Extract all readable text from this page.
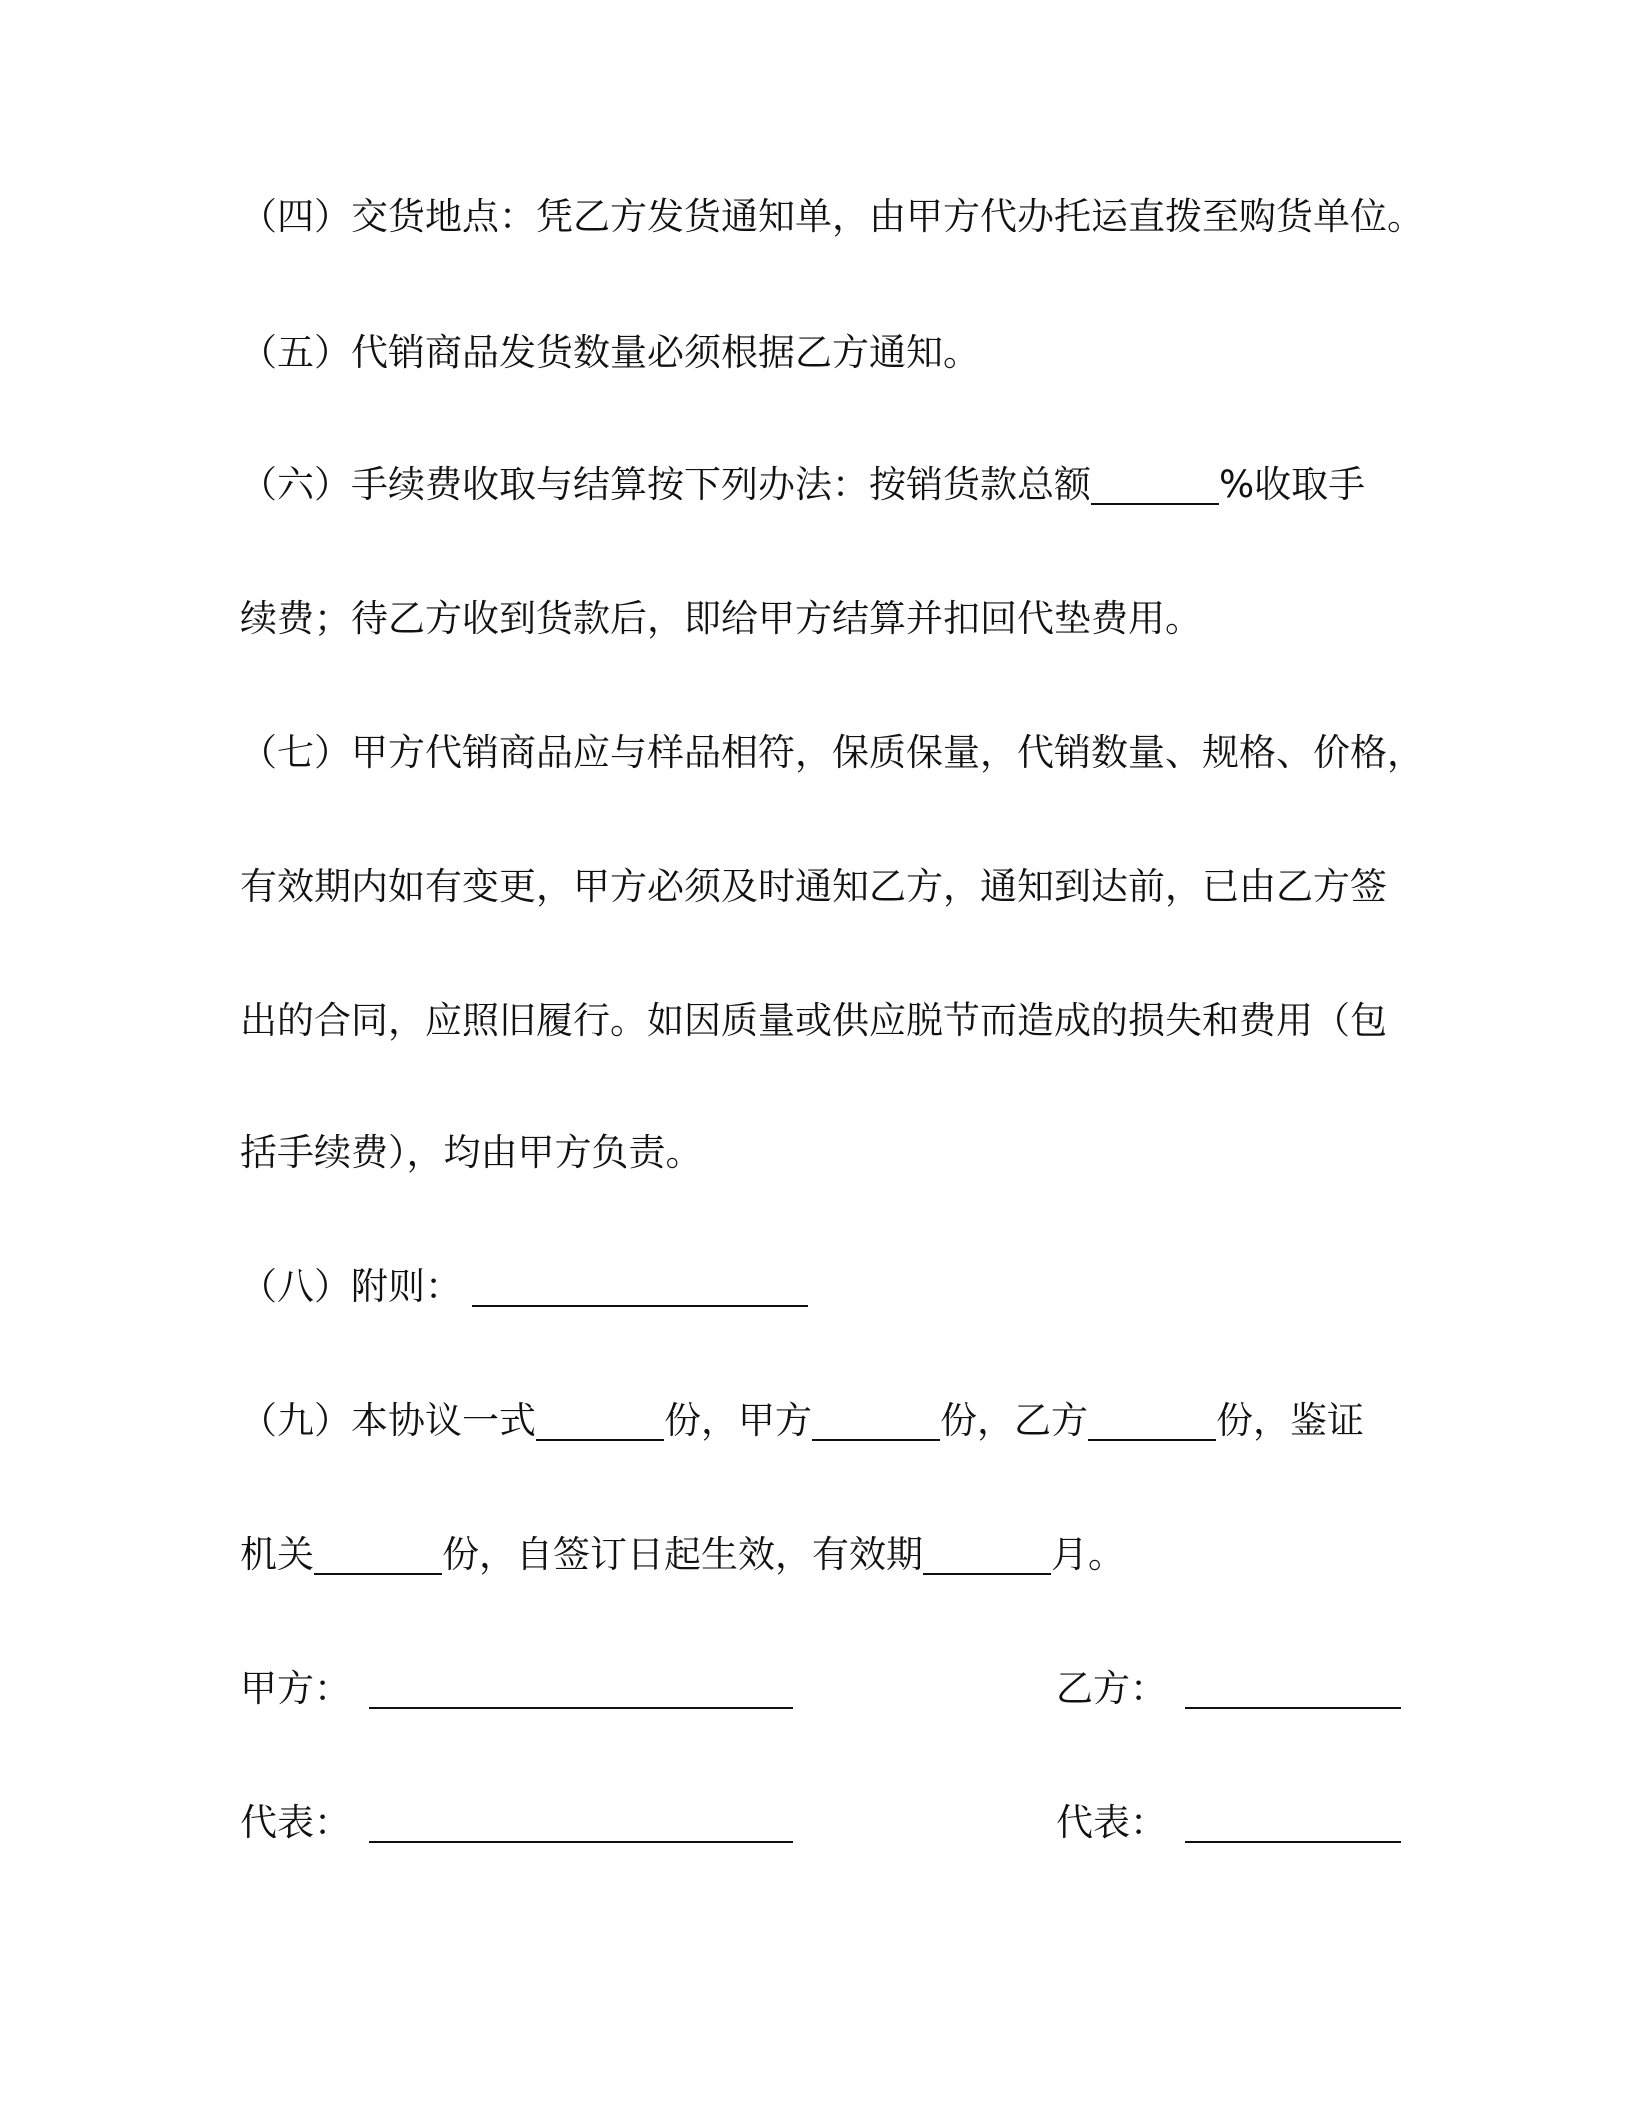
（四）交货地点：凭乙方发货通知单，由甲方代办托运直拨至购货单位。
（五）代销商品发货数量必须根据乙方通知。
（六）手续费收取与结算按下列办法：按销货款总额	%收取手
续费；待乙方收到货款后，即给甲方结算并扣回代垫费用。
（七）甲方代销商品应与样品相符，保质保量，代销数量、规格、价格，
有效期内如有变更，甲方必须及时通知乙方，通知到达前，已由乙方签
出的合同，应照旧履行。如因质量或供应脱节而造成的损失和费用（包
括手续费），均由甲方负责。
（八）附则：
（九）本协议一式	份，甲方	份，乙方	份，鉴证
机关	份，自签订日起生效，有效期	月。
甲方：	乙方：
代表：	代表：
